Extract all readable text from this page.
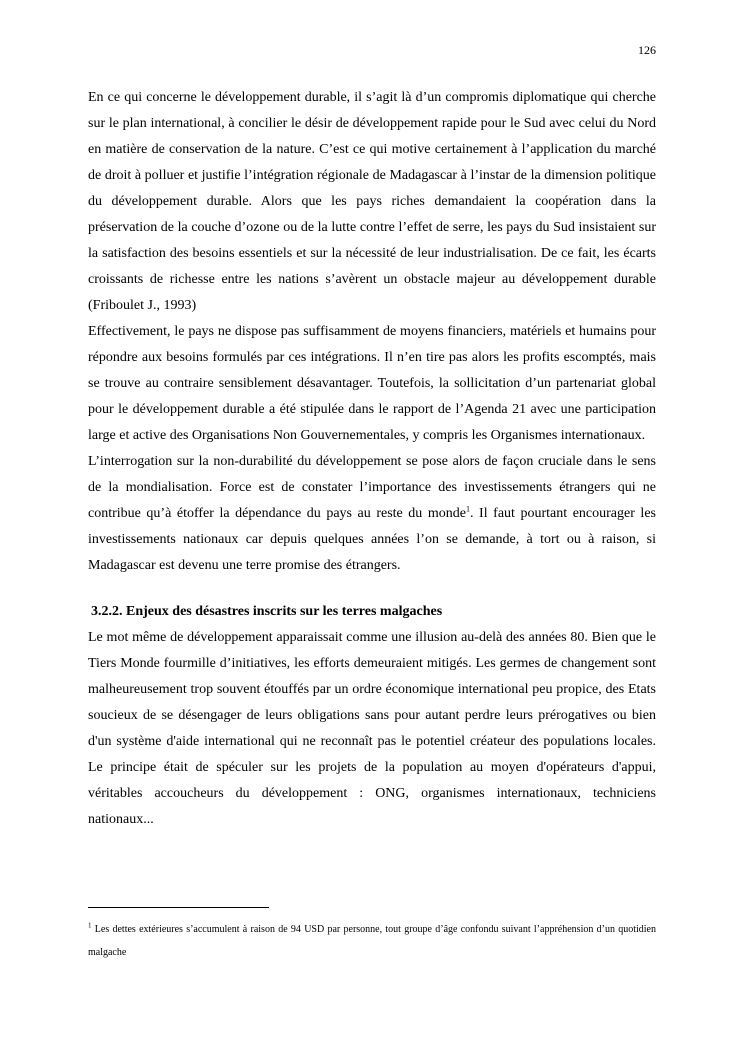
126

En ce qui concerne le développement durable, il s’agit là d’un compromis diplomatique qui cherche sur le plan international, à concilier le désir de développement rapide pour le Sud avec celui du Nord en matière de conservation de la nature. C’est ce qui motive certainement à l’application du marché de droit à polluer et justifie l’intégration régionale de Madagascar à l’instar de la dimension politique du développement durable. Alors que les pays riches demandaient la coopération dans la préservation de la couche d’ozone ou de la lutte contre l’effet de serre, les pays du Sud insistaient sur la satisfaction des besoins essentiels et sur la nécessité de leur industrialisation. De ce fait, les écarts croissants de richesse entre les nations s’avèrent un obstacle majeur au développement durable (Friboulet J., 1993)

Effectivement, le pays ne dispose pas suffisamment de moyens financiers, matériels et humains pour répondre aux besoins formulés par ces intégrations. Il n’en tire pas alors les profits escomptés, mais se trouve au contraire sensiblement désavantager. Toutefois, la sollicitation d’un partenariat global pour le développement durable a été stipulée dans le rapport de l’Agenda 21 avec une participation large et active des Organisations Non Gouvernementales, y compris les Organismes internationaux.

L’interrogation sur la non-durabilité du développement se pose alors de façon cruciale dans le sens de la mondialisation. Force est de constater l’importance des investissements étrangers qui ne contribue qu’à étoffer la dépendance du pays au reste du monde$^1$. Il faut pourtant encourager les investissements nationaux car depuis quelques années l’on se demande, à tort ou à raison, si Madagascar est devenu une terre promise des étrangers.

3.2.2. Enjeux des désastres inscrits sur les terres malgaches

Le mot même de développement apparaissait comme une illusion au-delà des années 80. Bien que le Tiers Monde fourmille d’initiatives, les efforts demeuraient mitigés. Les germes de changement sont malheureusement trop souvent étouffés par un ordre économique international peu propice, des Etats soucieux de se désengager de leurs obligations sans pour autant perdre leurs prérogatives ou bien d'un système d'aide international qui ne reconnaît pas le potentiel créateur des populations locales. Le principe était de spéculer sur les projets de la population au moyen d'opérateurs d'appui, véritables accoucheurs du développement : ONG, organismes internationaux, techniciens nationaux...

$^1$ Les dettes extérieures s’accumulent à raison de 94 USD par personne, tout groupe d’âge confondu suivant l’appréhension d’un quotidien malgache
